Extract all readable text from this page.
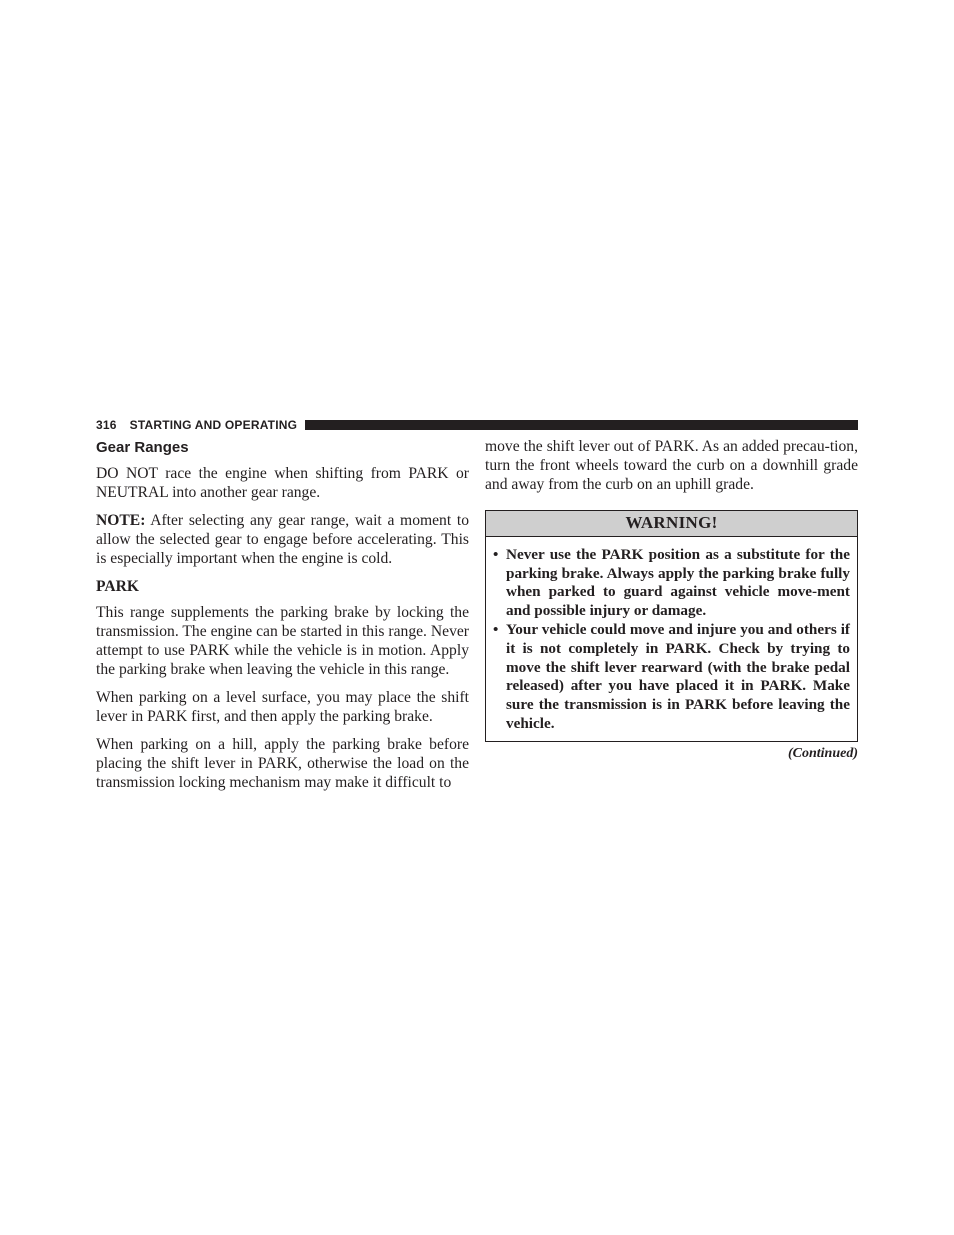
316 STARTING AND OPERATING
Gear Ranges

DO NOT race the engine when shifting from PARK or NEUTRAL into another gear range.

NOTE: After selecting any gear range, wait a moment to allow the selected gear to engage before accelerating. This is especially important when the engine is cold.

PARK

This range supplements the parking brake by locking the transmission. The engine can be started in this range. Never attempt to use PARK while the vehicle is in motion. Apply the parking brake when leaving the vehicle in this range.

When parking on a level surface, you may place the shift lever in PARK first, and then apply the parking brake.

When parking on a hill, apply the parking brake before placing the shift lever in PARK, otherwise the load on the transmission locking mechanism may make it difficult to

move the shift lever out of PARK. As an added precau-tion, turn the front wheels toward the curb on a downhill grade and away from the curb on an uphill grade.

WARNING!
• Never use the PARK position as a substitute for the parking brake. Always apply the parking brake fully when parked to guard against vehicle move-ment and possible injury or damage.
• Your vehicle could move and injure you and others if it is not completely in PARK. Check by trying to move the shift lever rearward (with the brake pedal released) after you have placed it in PARK. Make sure the transmission is in PARK before leaving the vehicle.
(Continued)
